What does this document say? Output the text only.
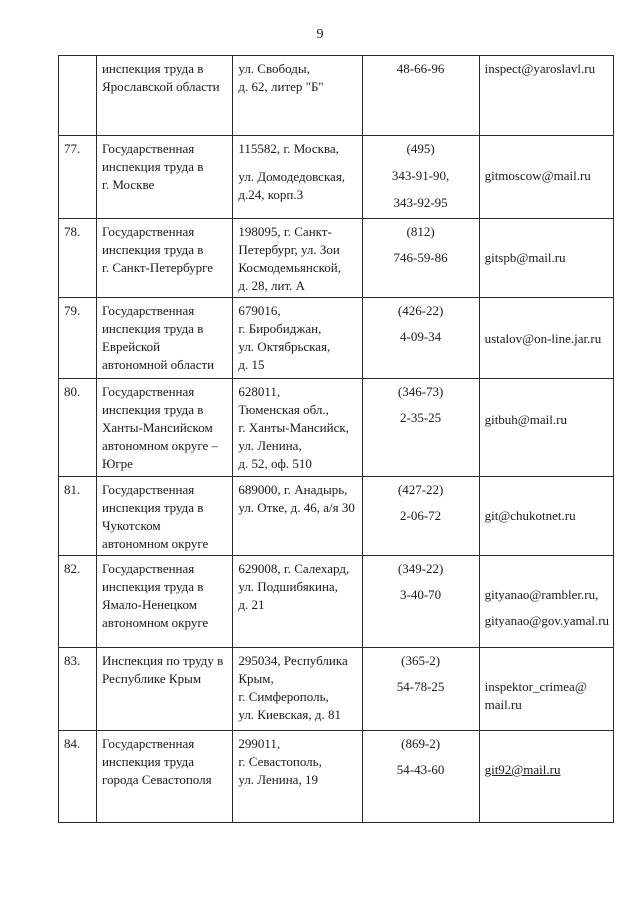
9

	инспекция труда в
Ярославской области	ул. Свободы,
д. 62, литер "Б"	48-66-96	inspect@yaroslavl.ru

77.	Государственная
инспекция труда в
г. Москве	115582, г. Москва,
ул. Домодедовская,
д.24, корп.3	(495)
343-91-90,
343-92-95	gitmoscow@mail.ru

78.	Государственная
инспекция труда в
г. Санкт-Петербурге	198095, г. Санкт-
Петербург, ул. Зои
Космодемьянской,
д. 28, лит. А	(812)
746-59-86	gitspb@mail.ru

79.	Государственная
инспекция труда в
Еврейской
автономной области	679016,
г. Биробиджан,
ул. Октябрьская,
д. 15	(426-22)
4-09-34	ustalov@on-line.jar.ru

80.	Государственная
инспекция труда в
Ханты-Мансийском
автономном округе –
Югре	628011,
Тюменская обл.,
г. Ханты-Мансийск,
ул. Ленина,
д. 52, оф. 510	(346-73)
2-35-25	gitbuh@mail.ru

81.	Государственная
инспекция труда в
Чукотском
автономном округе	689000, г. Анадырь,
ул. Отке, д. 46, а/я 30	(427-22)
2-06-72	git@chukotnet.ru

82.	Государственная
инспекция труда в
Ямало-Ненецком
автономном округе	629008, г. Салехард,
ул. Подшибякина,
д. 21	(349-22)
3-40-70	gityanao@rambler.ru,
gityanao@gov.yamal.ru

83.	Инспекция по труду в
Республике Крым	295034, Республика
Крым,
г. Симферополь,
ул. Киевская, д. 81	(365-2)
54-78-25	inspektor_crimea@
mail.ru

84.	Государственная
инспекция труда
города Севастополя	299011,
г. Севастополь,
ул. Ленина, 19	(869-2)
54-43-60	git92@mail.ru
